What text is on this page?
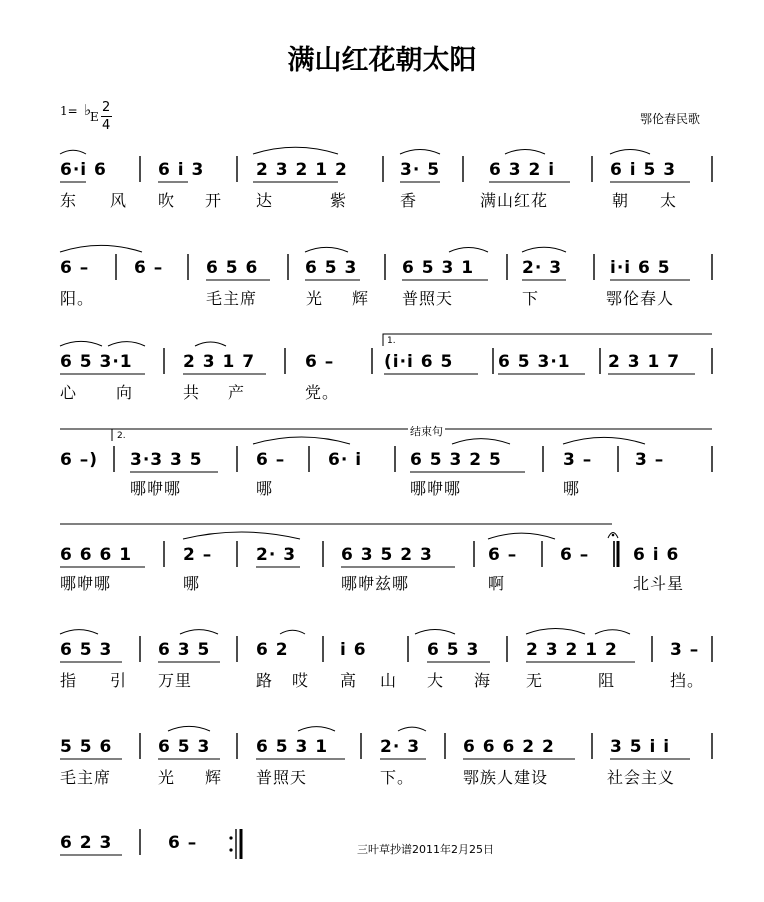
满山红花朝太阳
1= ♭
E
2
4	鄂伦春民歌
6·i 6	6 i 3	2 3 2 1 2	3· 5	6 3 2 i	6 i 5 3
东 风 吹 开 达	紫	香	满山红花	朝 太
6 –	6 –	6 5 6	6 5 3	6 5 3 1	2· 3	i·i 6 5
阳。	毛主席	光 辉 普照天	下	鄂伦春人
6 5 3·1	2 3 1 7	6 –	(i·i 6 5	6 5 3·1 2 3 1 7
心 向	共 产	党。
6 –) 3·3 3 5	6 –	6· i	6 5 3 2 5	3 –	3 –
哪咿哪	哪	哪咿哪	哪
6 6 6 1	2 –	2· 3	6 3 5 2 3	6 –	6 –	6 i 6
哪咿哪	哪	哪咿兹哪	啊	北斗星
6 5 3	6 3 5	6 2	i 6	6 5 3	2 3 2 1 2	3 –
指 引 万里	路 哎 高 山 大 海 无	阻	挡。
5 5 6	6 5 3	6 5 3 1	2· 3	6 6 6 2 2	3 5 i i
毛主席	光 辉 普照天	下。	鄂族人建设	社会主义
6 2 3	6 –
1.
2.	结束句
三叶草抄谱2011年2月25日
